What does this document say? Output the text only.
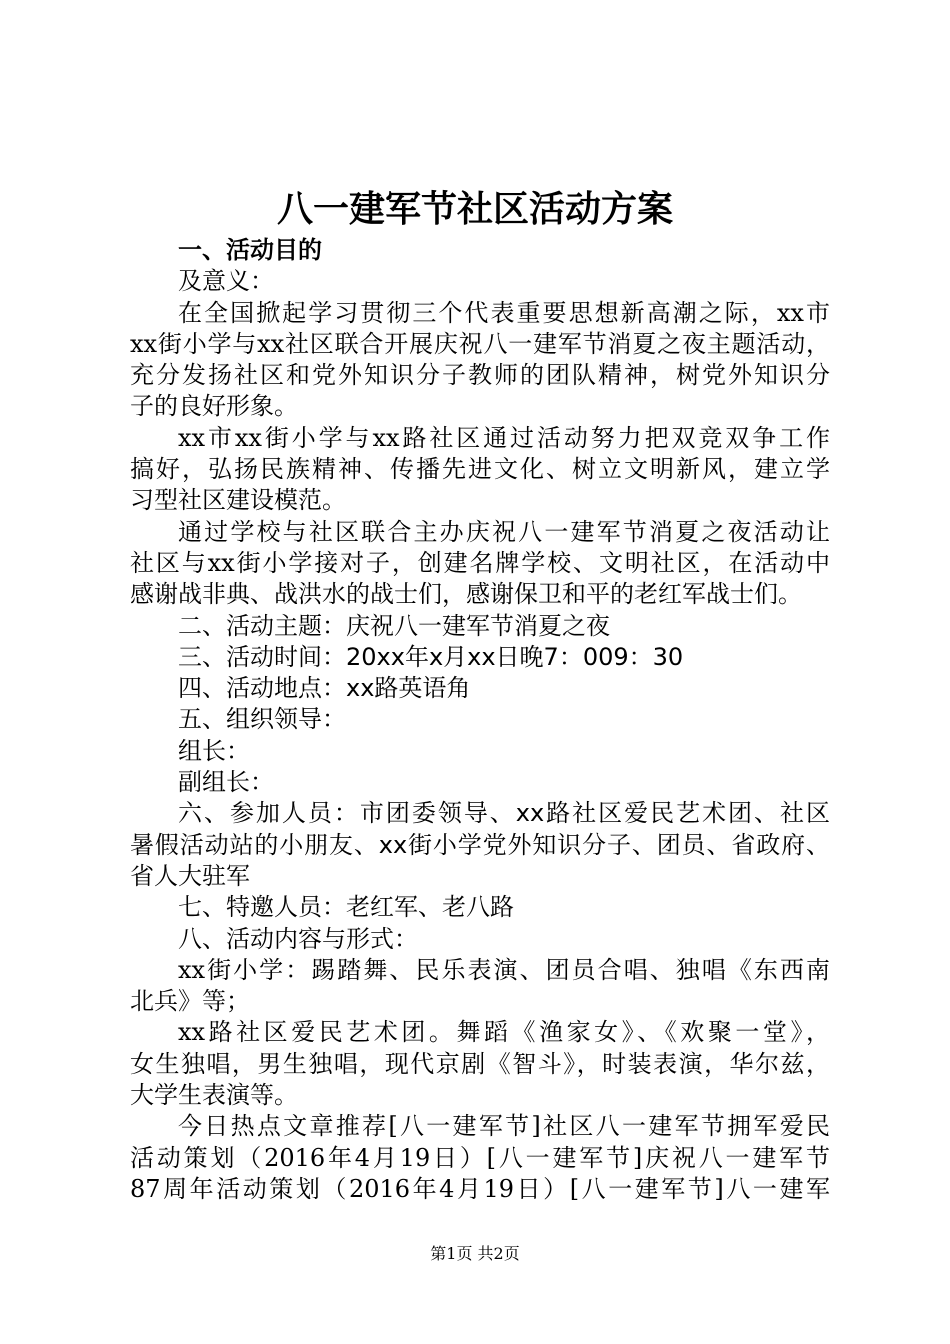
八一建军节社区活动方案

一、活动目的

及意义：

在全国掀起学习贯彻三个代表重要思想新高潮之际，xx市

xx街小学与xx社区联合开展庆祝八一建军节消夏之夜主题活动，

充分发扬社区和党外知识分子教师的团队精神，树党外知识分

子的良好形象。

xx市xx街小学与xx路社区通过活动努力把双竞双争工作

搞好，弘扬民族精神、传播先进文化、树立文明新风，建立学

习型社区建设模范。

通过学校与社区联合主办庆祝八一建军节消夏之夜活动让

社区与xx街小学接对子，创建名牌学校、文明社区，在活动中

感谢战非典、战洪水的战士们，感谢保卫和平的老红军战士们。

二、活动主题：庆祝八一建军节消夏之夜

三、活动时间：20xx年x月xx日晚7：009：30

四、活动地点：xx路英语角

五、组织领导：

组长：

副组长：

六、参加人员：市团委领导、xx路社区爱民艺术团、社区

暑假活动站的小朋友、xx街小学党外知识分子、团员、省政府、

省人大驻军

七、特邀人员：老红军、老八路

八、活动内容与形式：

xx街小学：踢踏舞、民乐表演、团员合唱、独唱《东西南

北兵》等；

xx路社区爱民艺术团。舞蹈《渔家女》、《欢聚一堂》，

女生独唱，男生独唱，现代京剧《智斗》，时装表演，华尔兹，

大学生表演等。

今日热点文章推荐[八一建军节]社区八一建军节拥军爱民

活动策划（2016年4月19日）[八一建军节]庆祝八一建军节

87周年活动策划（2016年4月19日）[八一建军节]八一建军

第1页 共2页
